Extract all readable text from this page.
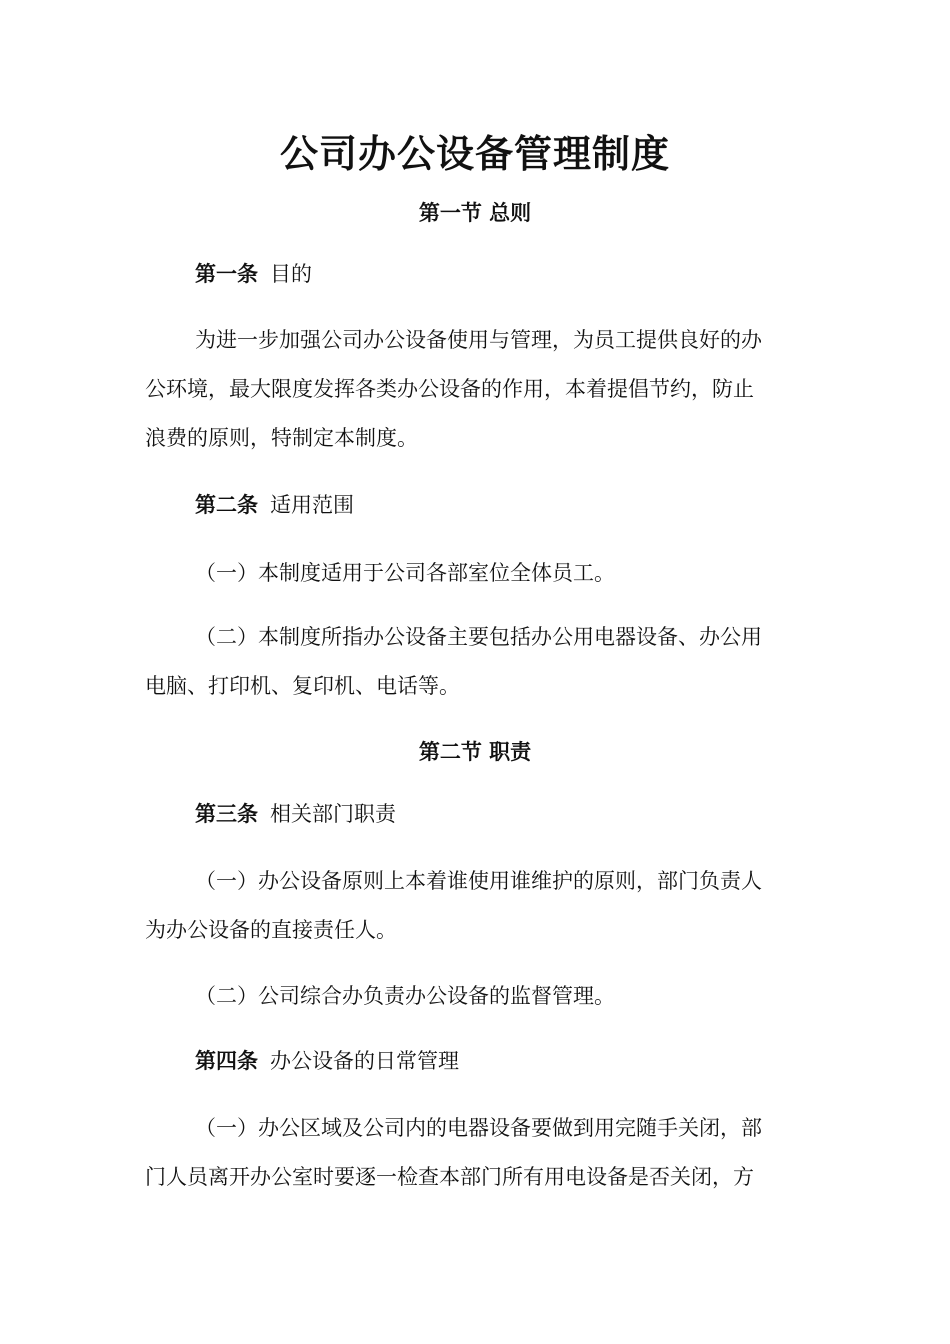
公司办公设备管理制度
第一节 总则

第一条 目的

为进一步加强公司办公设备使用与管理，为员工提供良好的办
公环境，最大限度发挥各类办公设备的作用，本着提倡节约，防止
浪费的原则，特制定本制度。

第二条 适用范围

（一）本制度适用于公司各部室位全体员工。
（二）本制度所指办公设备主要包括办公用电器设备、办公用
电脑、打印机、复印机、电话等。
第二节 职责

第三条 相关部门职责

（一）办公设备原则上本着谁使用谁维护的原则，部门负责人
为办公设备的直接责任人。
（二）公司综合办负责办公设备的监督管理。

第四条 办公设备的日常管理

（一）办公区域及公司内的电器设备要做到用完随手关闭，部
门人员离开办公室时要逐一检查本部门所有用电设备是否关闭，方
